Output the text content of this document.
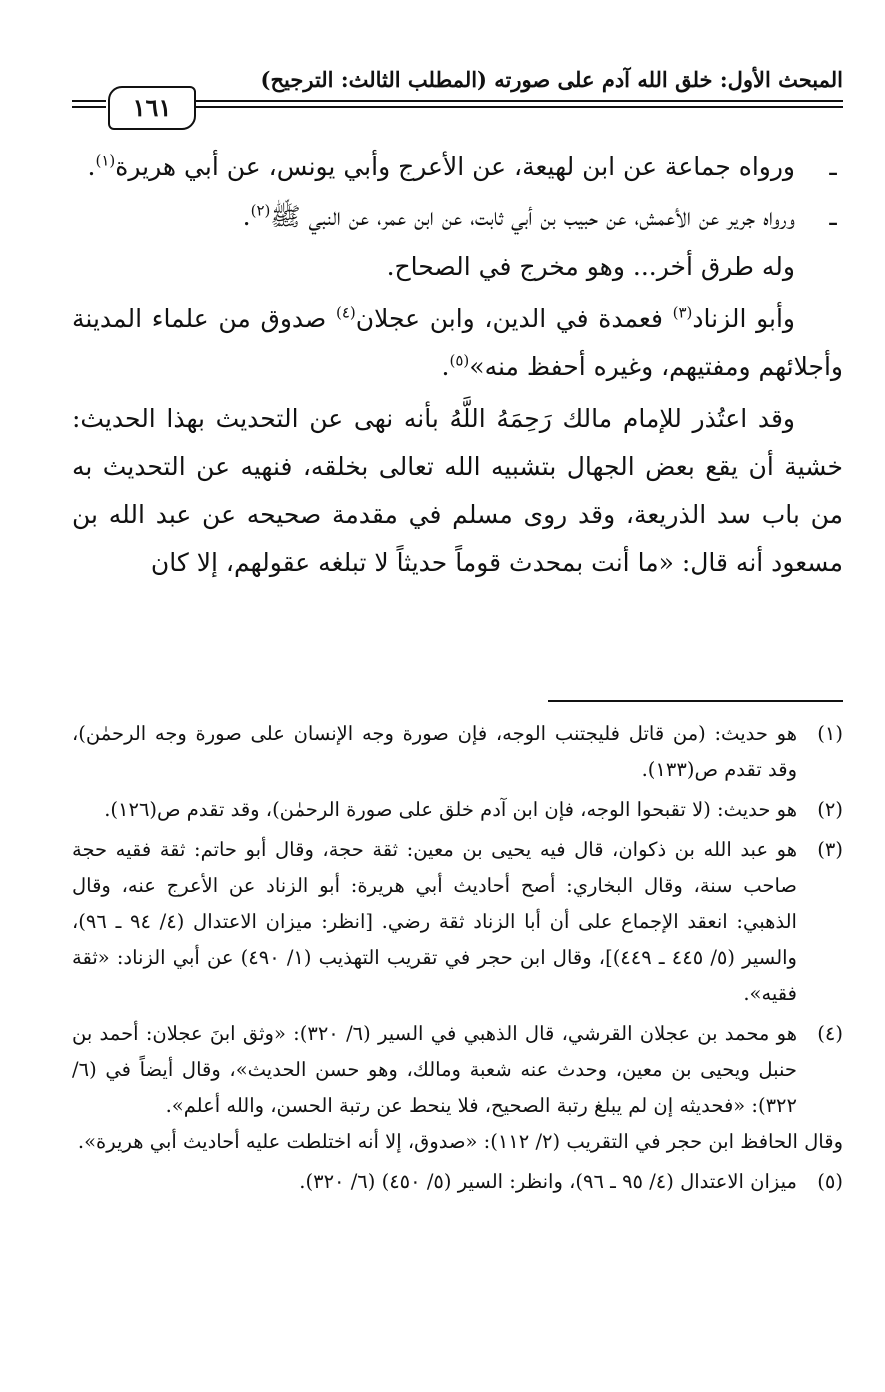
المبحث الأول: خلق الله آدم على صورته (المطلب الثالث: الترجيح)
١٦١
ـ
ورواه جماعة عن ابن لهيعة، عن الأعرج وأبي يونس، عن أبي هريرة$^{(١)}$.
ـ
ورواه جرير عن الأعمش، عن حبيب بن أبي ثابت، عن ابن عمر، عن النبي ﷺ$^{(٢)}$.

وله طرق أخر... وهو مخرج في الصحاح.

وأبو الزناد$^{(٣)}$ فعمدة في الدين، وابن عجلان$^{(٤)}$ صدوق من علماء المدينة وأجلائهم ومفتيهم، وغيره أحفظ منه»$^{(٥)}$.

وقد اعتُذر للإمام مالك رَحِمَهُ اللَّهُ بأنه نهى عن التحديث بهذا الحديث: خشية أن يقع بعض الجهال بتشبيه الله تعالى بخلقه، فنهيه عن التحديث به من باب سد الذريعة، وقد روى مسلم في مقدمة صحيحه عن عبد الله بن مسعود أنه قال: «ما أنت بمحدث قوماً حديثاً لا تبلغه عقولهم، إلا كان

(١)
هو حديث: (من قاتل فليجتنب الوجه، فإن صورة وجه الإنسان على صورة وجه الرحمٰن)، وقد تقدم ص(١٣٣).
(٢)
هو حديث: (لا تقبحوا الوجه، فإن ابن آدم خلق على صورة الرحمٰن)، وقد تقدم ص(١٢٦).
(٣)
هو عبد الله بن ذكوان، قال فيه يحيى بن معين: ثقة حجة، وقال أبو حاتم: ثقة فقيه حجة صاحب سنة، وقال البخاري: أصح أحاديث أبي هريرة: أبو الزناد عن الأعرج عنه، وقال الذهبي: انعقد الإجماع على أن أبا الزناد ثقة رضي. [انظر: ميزان الاعتدال (٤/ ٩٤ ـ ٩٦)، والسير (٥/ ٤٤٥ ـ ٤٤٩)]، وقال ابن حجر في تقريب التهذيب (١/ ٤٩٠) عن أبي الزناد: «ثقة فقيه».
(٤)
هو محمد بن عجلان القرشي، قال الذهبي في السير (٦/ ٣٢٠): «وثق ابنَ عجلان: أحمد بن حنبل ويحيى بن معين، وحدث عنه شعبة ومالك، وهو حسن الحديث»، وقال أيضاً في (٦/ ٣٢٢): «فحديثه إن لم يبلغ رتبة الصحيح، فلا ينحط عن رتبة الحسن، والله أعلم».
وقال الحافظ ابن حجر في التقريب (٢/ ١١٢): «صدوق، إلا أنه اختلطت عليه أحاديث أبي هريرة».
(٥)
ميزان الاعتدال (٤/ ٩٥ ـ ٩٦)، وانظر: السير (٥/ ٤٥٠) (٦/ ٣٢٠).
